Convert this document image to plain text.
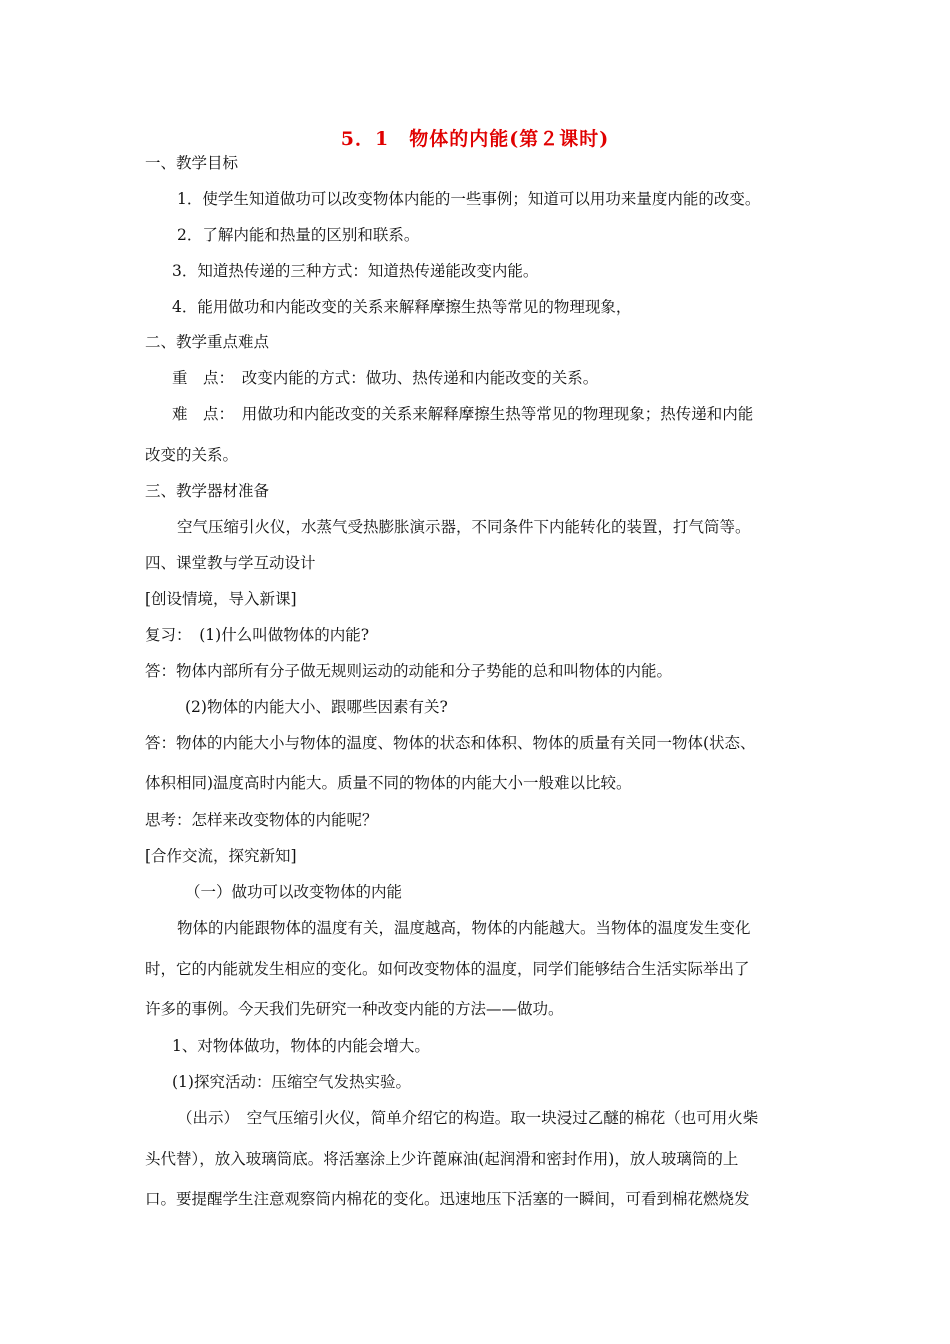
5．1　物体的内能(第２课时)
一、教学目标
1．使学生知道做功可以改变物体内能的一些事例；知道可以用功来量度内能的改变。
2．了解内能和热量的区别和联系。
3．知道热传递的三种方式：知道热传递能改变内能。
4．能用做功和内能改变的关系来解释摩擦生热等常见的物理现象，
二、教学重点难点
重　点：　改变内能的方式：做功、热传递和内能改变的关系。
难　点：　用做功和内能改变的关系来解释摩擦生热等常见的物理现象；热传递和内能
改变的关系。
三、教学器材准备
空气压缩引火仪，水蒸气受热膨胀演示器，不同条件下内能转化的装置，打气筒等。
四、课堂教与学互动设计
[创设情境，导入新课]
复习：　(1)什么叫做物体的内能?
答：物体内部所有分子做无规则运动的动能和分子势能的总和叫物体的内能。
(2)物体的内能大小、跟哪些因素有关?
答：物体的内能大小与物体的温度、物体的状态和体积、物体的质量有关同一物体(状态、
体积相同)温度高时内能大。质量不同的物体的内能大小一般难以比较。
思考：怎样来改变物体的内能呢？
[合作交流，探究新知]
（一）做功可以改变物体的内能
物体的内能跟物体的温度有关，温度越高，物体的内能越大。当物体的温度发生变化
时，它的内能就发生相应的变化。如何改变物体的温度，同学们能够结合生活实际举出了
许多的事例。今天我们先研究一种改变内能的方法——做功。
1、对物体做功，物体的内能会增大。
(1)探究活动：压缩空气发热实验。
（出示）　空气压缩引火仪，简单介绍它的构造。取一块浸过乙醚的棉花（也可用火柴
头代替），放入玻璃筒底。将活塞涂上少许蓖麻油(起润滑和密封作用)，放人玻璃筒的上
口。要提醒学生注意观察筒内棉花的变化。迅速地压下活塞的一瞬间，可看到棉花燃烧发
